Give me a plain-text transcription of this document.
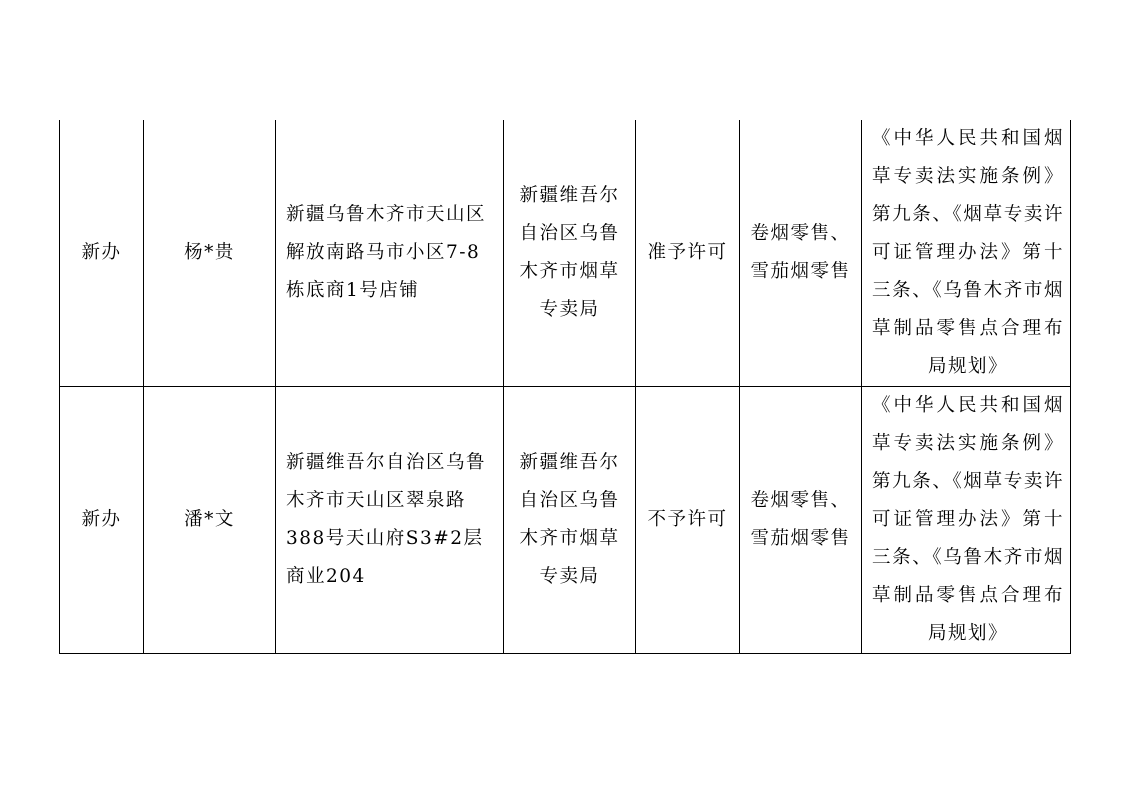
新办	杨*贵	新疆乌鲁木齐市天山区解放南路马市小区7-8栋底商1号店铺	新疆维吾尔自治区乌鲁木齐市烟草专卖局	准予许可	卷烟零售、雪茄烟零售	《中华人民共和国烟草专卖法实施条例》第九条、《烟草专卖许可证管理办法》第十三条、《乌鲁木齐市烟草制品零售点合理布局规划》
新办	潘*文	新疆维吾尔自治区乌鲁木齐市天山区翠泉路388号天山府S3#2层商业204	新疆维吾尔自治区乌鲁木齐市烟草专卖局	不予许可	卷烟零售、雪茄烟零售	《中华人民共和国烟草专卖法实施条例》第九条、《烟草专卖许可证管理办法》第十三条、《乌鲁木齐市烟草制品零售点合理布局规划》
